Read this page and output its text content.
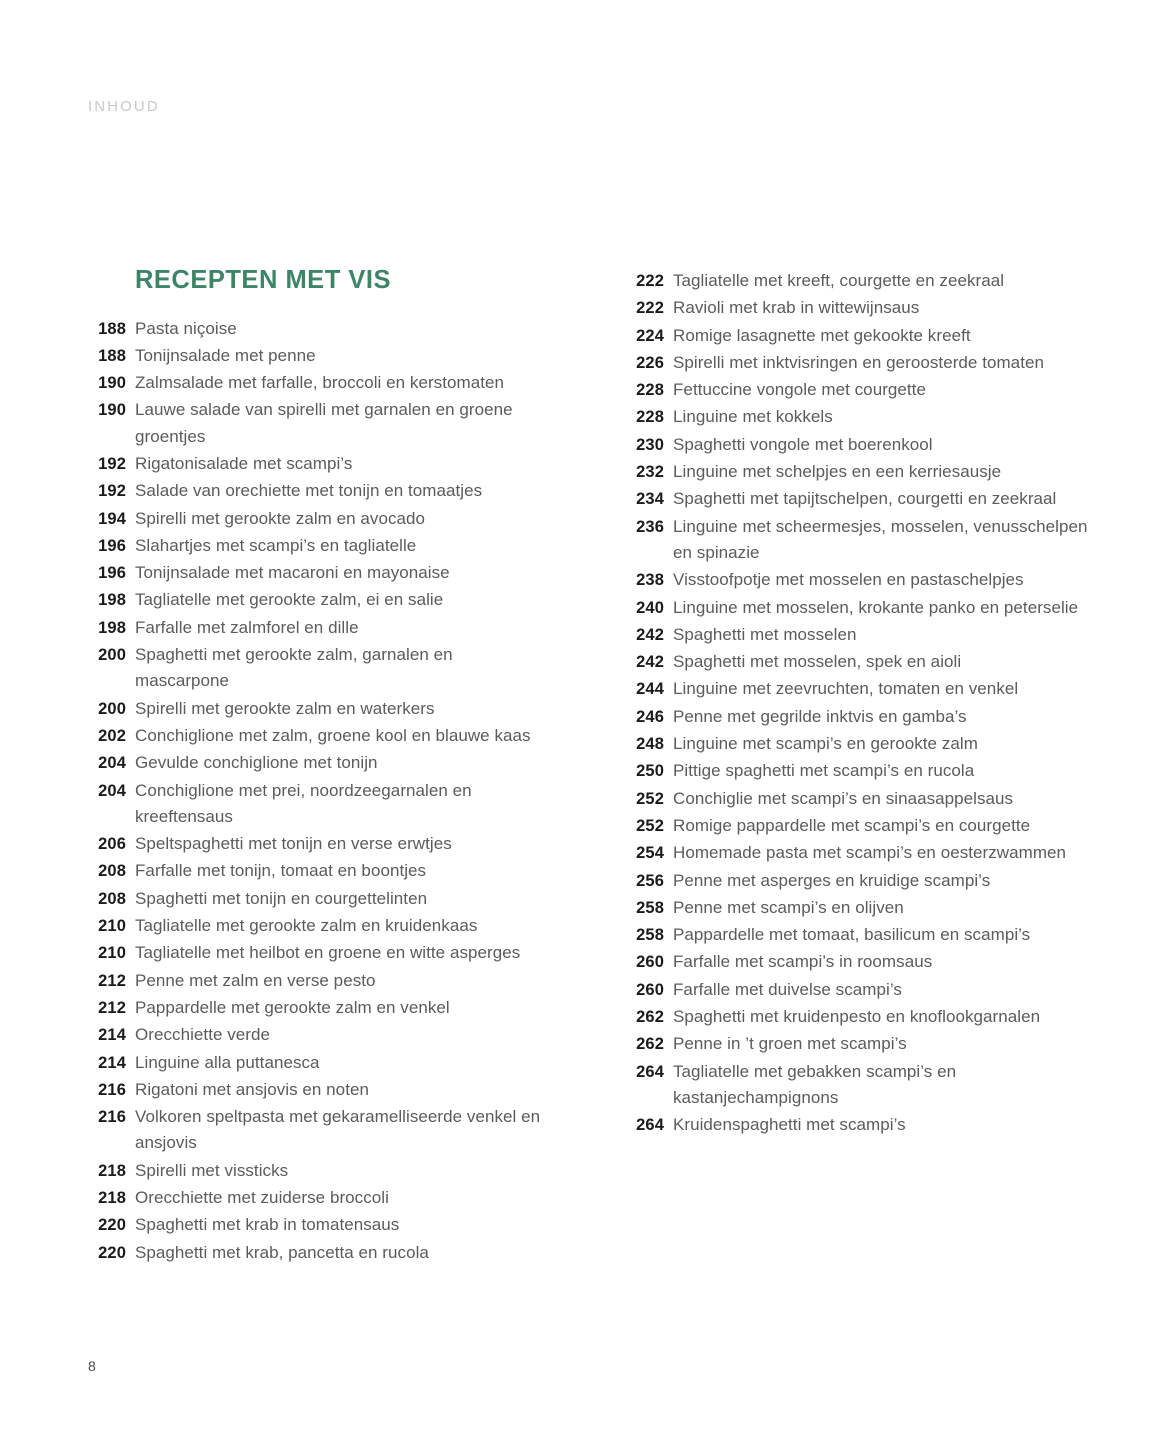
INHOUD
RECEPTEN MET VIS
188 Pasta niçoise
188 Tonijnsalade met penne
190 Zalmsalade met farfalle, broccoli en kerstomaten
190 Lauwe salade van spirelli met garnalen en groene groentjes
192 Rigatonisalade met scampi’s
192 Salade van orechiette met tonijn en tomaatjes
194 Spirelli met gerookte zalm en avocado
196 Slahartjes met scampi’s en tagliatelle
196 Tonijnsalade met macaroni en mayonaise
198 Tagliatelle met gerookte zalm, ei en salie
198 Farfalle met zalmforel en dille
200 Spaghetti met gerookte zalm, garnalen en mascarpone
200 Spirelli met gerookte zalm en waterkers
202 Conchiglione met zalm, groene kool en blauwe kaas
204 Gevulde conchiglione met tonijn
204 Conchiglione met prei, noordzeegarnalen en kreeftensaus
206 Speltspaghetti met tonijn en verse erwtjes
208 Farfalle met tonijn, tomaat en boontjes
208 Spaghetti met tonijn en courgettelinten
210 Tagliatelle met gerookte zalm en kruidenkaas
210 Tagliatelle met heilbot en groene en witte asperges
212 Penne met zalm en verse pesto
212 Pappardelle met gerookte zalm en venkel
214 Orecchiette verde
214 Linguine alla puttanesca
216 Rigatoni met ansjovis en noten
216 Volkoren speltpasta met gekaramelliseerde venkel en ansjovis
218 Spirelli met vissticks
218 Orecchiette met zuiderse broccoli
220 Spaghetti met krab in tomatensaus
220 Spaghetti met krab, pancetta en rucola
222 Tagliatelle met kreeft, courgette en zeekraal
222 Ravioli met krab in wittewijnsaus
224 Romige lasagnette met gekookte kreeft
226 Spirelli met inktvisringen en geroosterde tomaten
228 Fettuccine vongole met courgette
228 Linguine met kokkels
230 Spaghetti vongole met boerenkool
232 Linguine met schelpjes en een kerriesausje
234 Spaghetti met tapijtschelpen, courgetti en zeekraal
236 Linguine met scheermesjes, mosselen, venusschelpen en spinazie
238 Visstoofpotje met mosselen en pastaschelpjes
240 Linguine met mosselen, krokante panko en peterselie
242 Spaghetti met mosselen
242 Spaghetti met mosselen, spek en aioli
244 Linguine met zeevruchten, tomaten en venkel
246 Penne met gegrilde inktvis en gamba’s
248 Linguine met scampi’s en gerookte zalm
250 Pittige spaghetti met scampi’s en rucola
252 Conchiglie met scampi’s en sinaasappelsaus
252 Romige pappardelle met scampi’s en courgette
254 Homemade pasta met scampi’s en oesterzwammen
256 Penne met asperges en kruidige scampi’s
258 Penne met scampi’s en olijven
258 Pappardelle met tomaat, basilicum en scampi’s
260 Farfalle met scampi’s in roomsaus
260 Farfalle met duivelse scampi’s
262 Spaghetti met kruidenpesto en knoflookgarnalen
262 Penne in ’t groen met scampi’s
264 Tagliatelle met gebakken scampi’s en kastanjechampignons
264 Kruidenspaghetti met scampi’s
8
